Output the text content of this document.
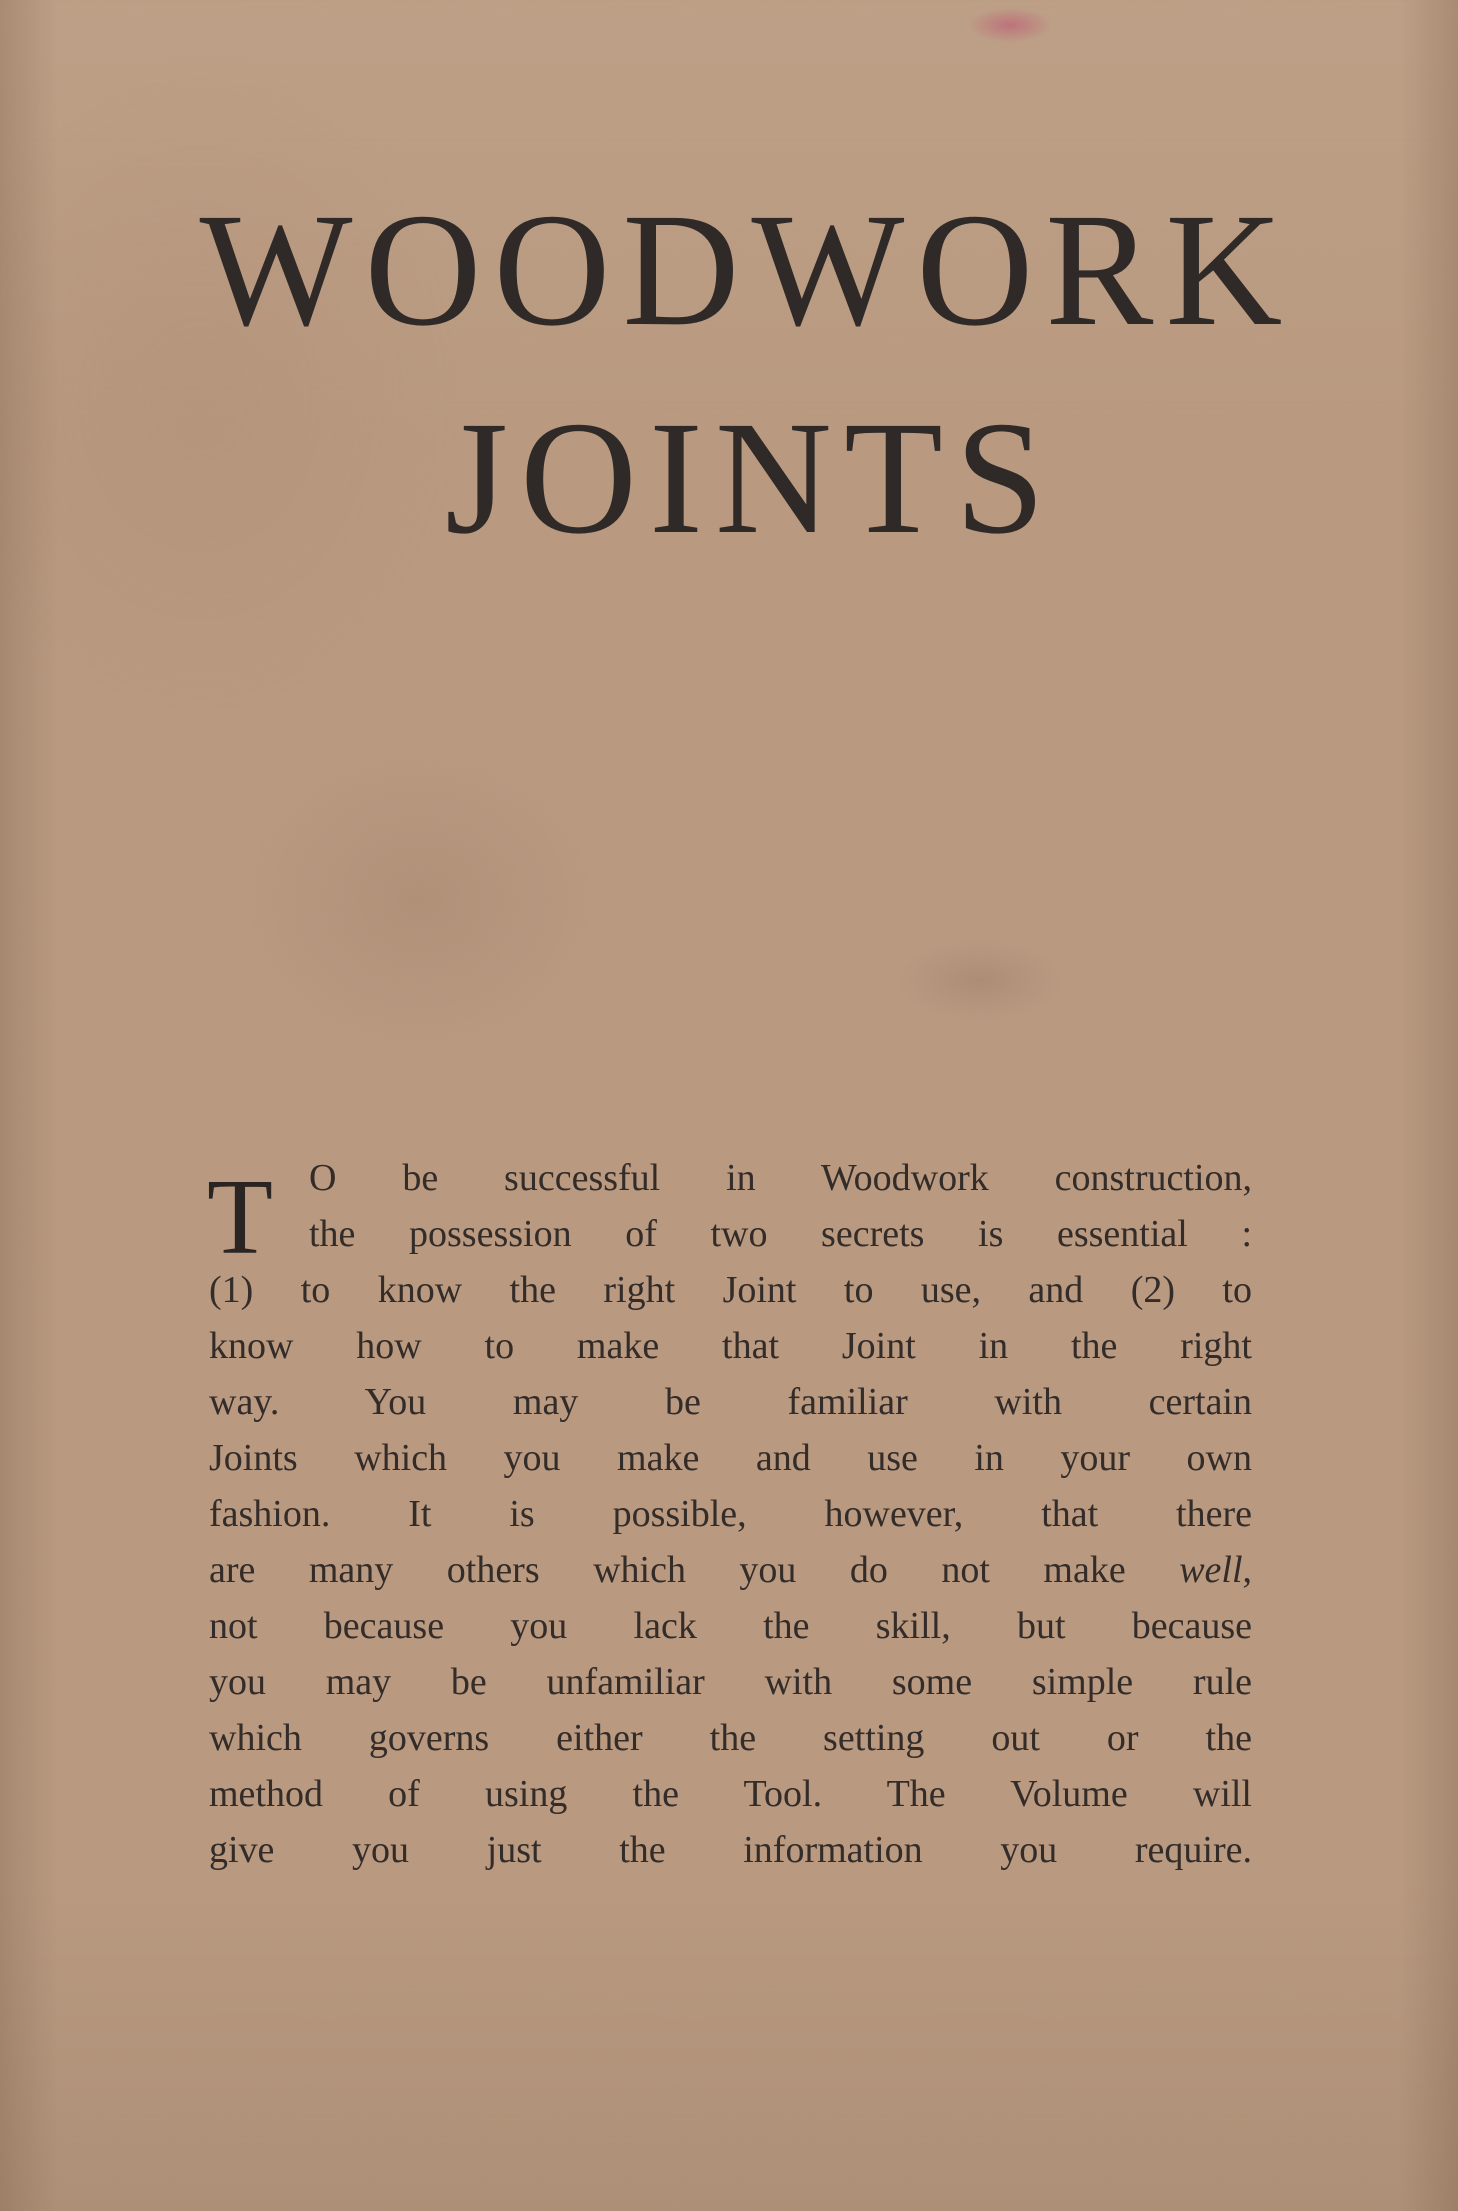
WOODWORK
JOINTS
T O be successful in Woodwork construction,
the possession of two secrets is essential :
(1) to know the right Joint to use, and (2) to
know how to make that Joint in the right
way. You may be familiar with certain
Joints which you make and use in your own
fashion. It is possible, however, that there
are many others which you do not make well,
not because you lack the skill, but because
you may be unfamiliar with some simple rule
which governs either the setting out or the
method of using the Tool. The Volume will
give you just the information you require.
